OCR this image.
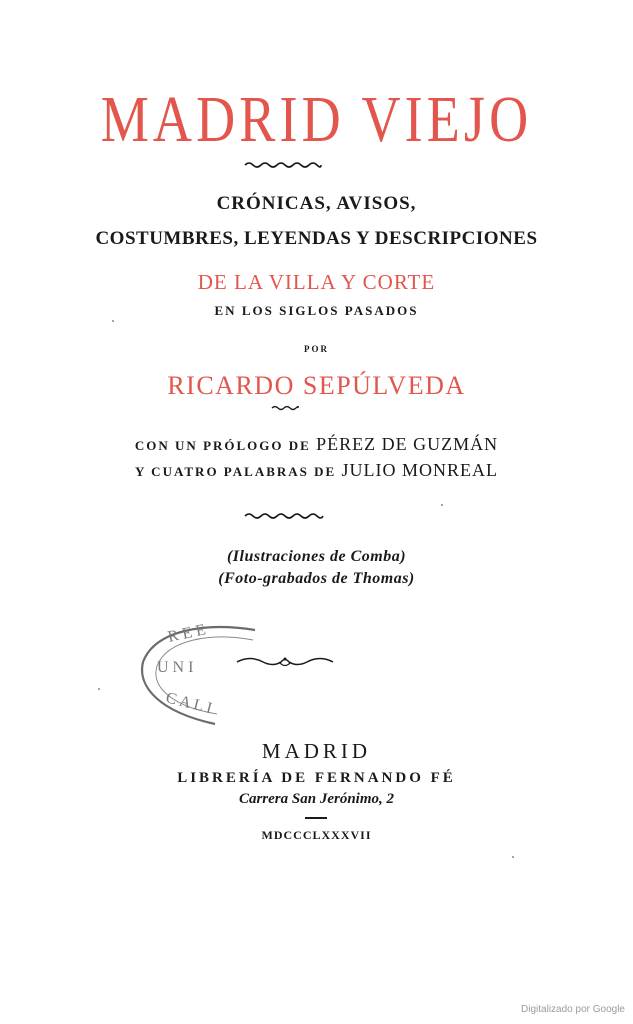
MADRID VIEJO
CRÓNICAS, AVISOS,
COSTUMBRES, LEYENDAS Y DESCRIPCIONES
DE LA VILLA Y CORTE
EN LOS SIGLOS PASADOS
POR
RICARDO SEPÚLVEDA
CON UN PRÓLOGO DE PÉREZ DE GUZMÁN
Y CUATRO PALABRAS DE JULIO MONREAL
(Ilustraciones de Comba)
(Foto-grabados de Thomas)
R E E
U N I
C A L I
MADRID
LIBRERÍA DE FERNANDO FÉ
Carrera San Jerónimo, 2
MDCCCLXXXVII
Digitalizado por Google
